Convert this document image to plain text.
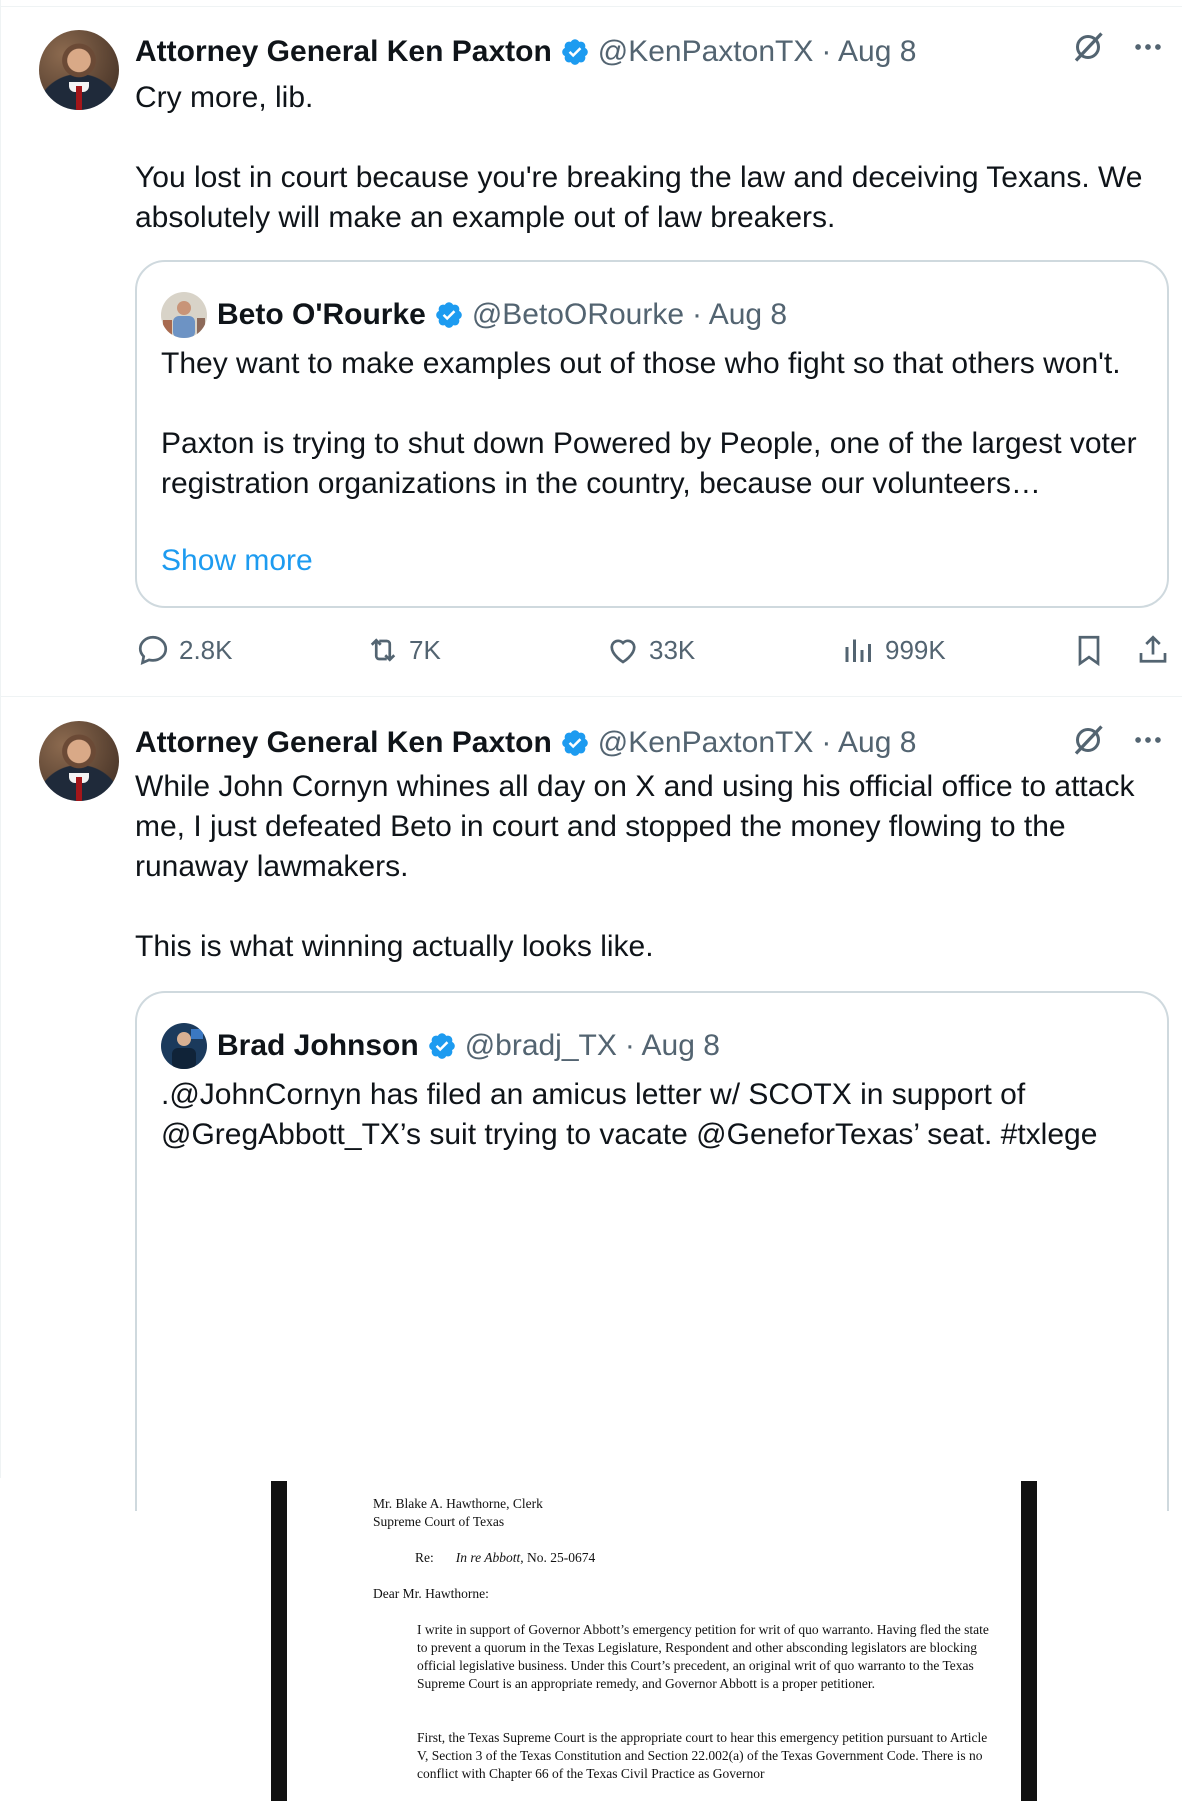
Attorney General Ken Paxton @KenPaxtonTX · Aug 8
Cry more, lib.

You lost in court because you're breaking the law and deceiving Texans. We absolutely will make an example out of law breakers.
Beto O'Rourke @BetoORourke · Aug 8
They want to make examples out of those who fight so that others won't.

Paxton is trying to shut down Powered by People, one of the largest voter registration organizations in the country, because our volunteers…
Show more
2.8K	7K	33K	999K
Attorney General Ken Paxton @KenPaxtonTX · Aug 8
While John Cornyn whines all day on X and using his official office to attack me, I just defeated Beto in court and stopped the money flowing to the runaway lawmakers.

This is what winning actually looks like.
Brad Johnson @bradj_TX · Aug 8
.@JohnCornyn has filed an amicus letter w/ SCOTX in support of @GregAbbott_TX’s suit trying to vacate @GeneforTexas’ seat. #txlege

Mr. Blake A. Hawthorne, Clerk

Supreme Court of Texas

Re: In re Abbott, No. 25-0674

Dear Mr. Hawthorne:

I write in support of Governor Abbott’s emergency petition for writ of quo warranto. Having fled the state to prevent a quorum in the Texas Legislature, Respondent and other absconding legislators are blocking official legislative business. Under this Court’s precedent, an original writ of quo warranto to the Texas Supreme Court is an appropriate remedy, and Governor Abbott is a proper petitioner.

First, the Texas Supreme Court is the appropriate court to hear this emergency petition pursuant to Article V, Section 3 of the Texas Constitution and Section 22.002(a) of the Texas Government Code. There is no conflict with Chapter 66 of the Texas Civil Practice as Governor
